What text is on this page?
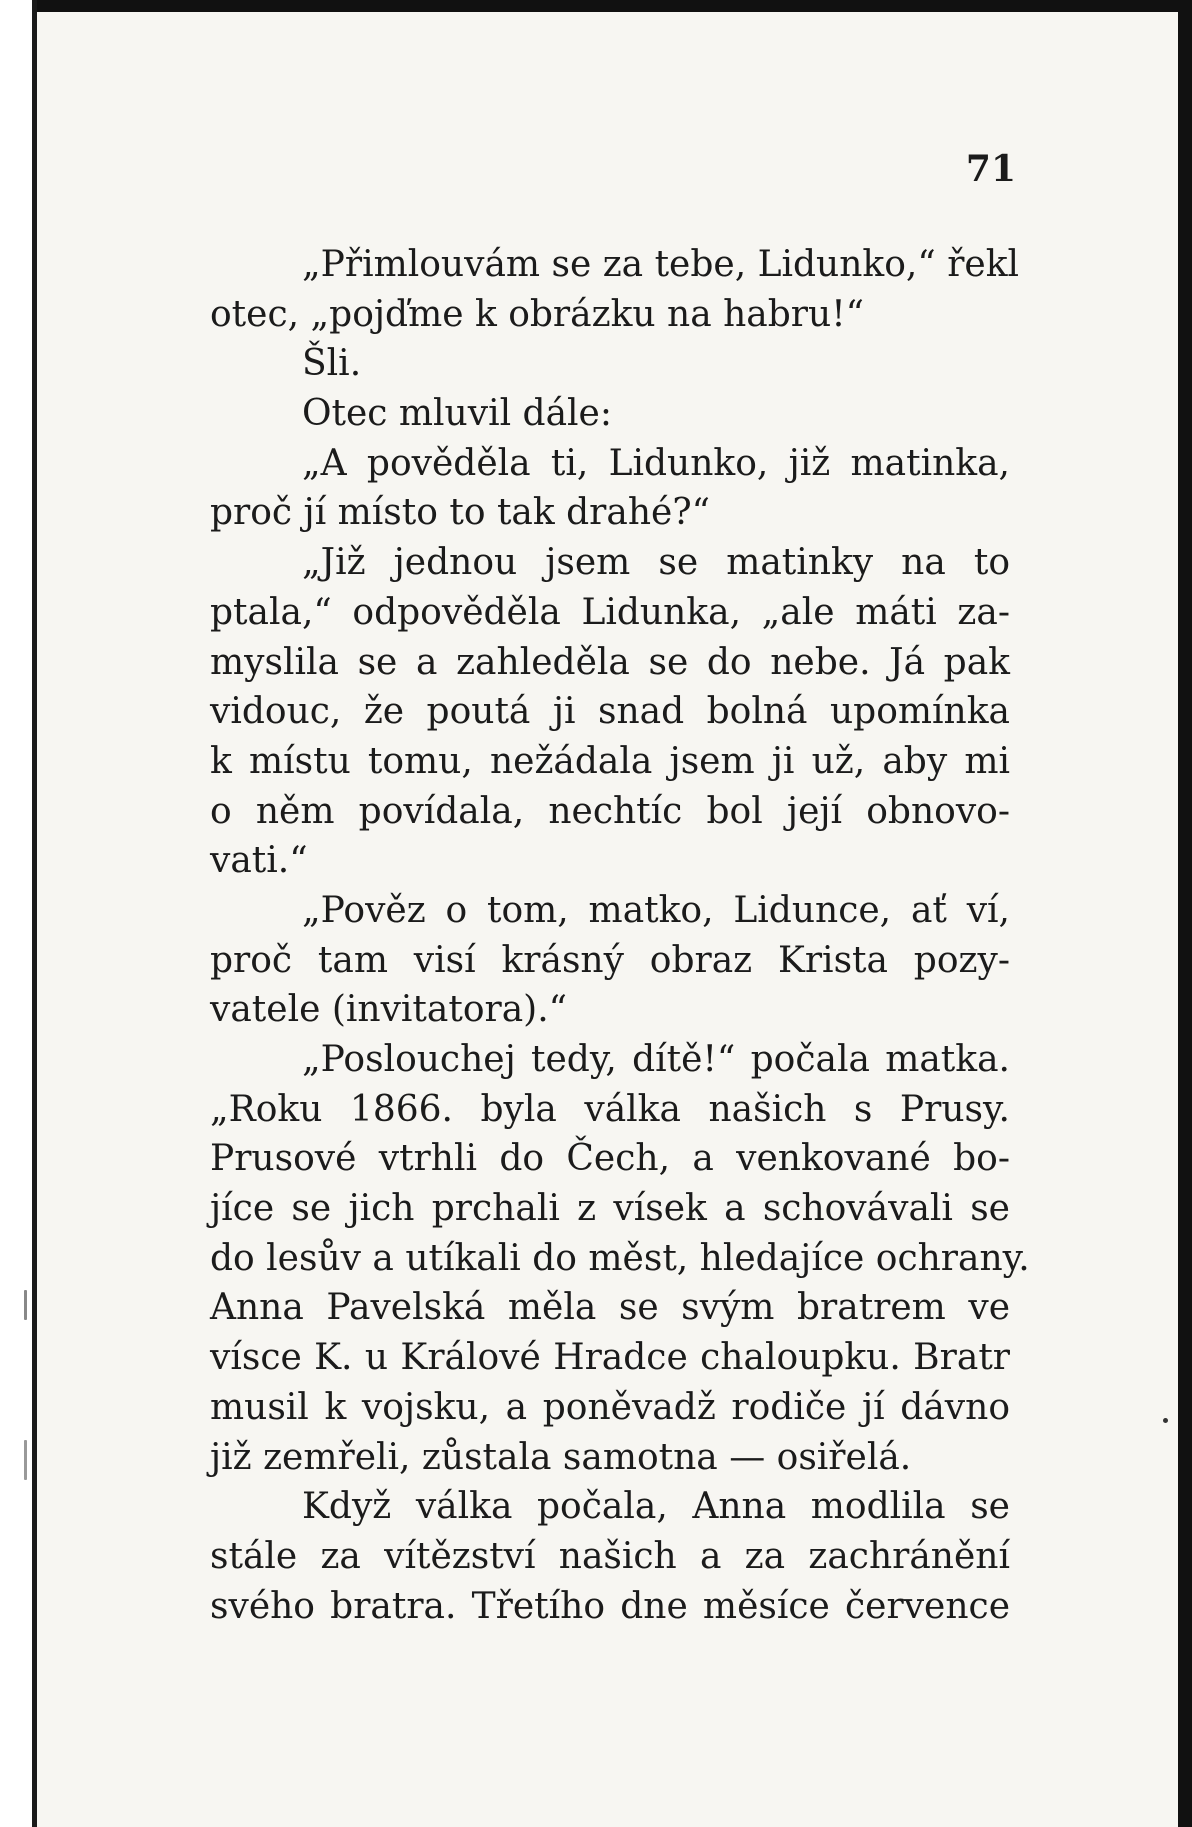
71
„Přimlouvám se za tebe, Lidunko,“ řekl
otec, „pojďme k obrázku na habru!“
Šli.
Otec mluvil dále:
„A pověděla ti, Lidunko, již matinka,
proč jí místo to tak drahé?“
„Již jednou jsem se matinky na to
ptala,“ odpověděla Lidunka, „ale máti za-
myslila se a zahleděla se do nebe. Já pak
vidouc, že poutá ji snad bolná upomínka
k místu tomu, nežádala jsem ji už, aby mi
o něm povídala, nechtíc bol její obnovo-
vati.“
„Pověz o tom, matko, Lidunce, ať ví,
proč tam visí krásný obraz Krista pozy-
vatele (invitatora).“
„Poslouchej tedy, dítě!“ počala matka.
„Roku 1866. byla válka našich s Prusy.
Prusové vtrhli do Čech, a venkované bo-
jíce se jich prchali z vísek a schovávali se
do lesův a utíkali do měst, hledajíce ochrany.
Anna Pavelská měla se svým bratrem ve
vísce K. u Králové Hradce chaloupku. Bratr
musil k vojsku, a poněvadž rodiče jí dávno
již zemřeli, zůstala samotna — osiřelá.
Když válka počala, Anna modlila se
stále za vítězství našich a za zachránění
svého bratra. Třetího dne měsíce července
